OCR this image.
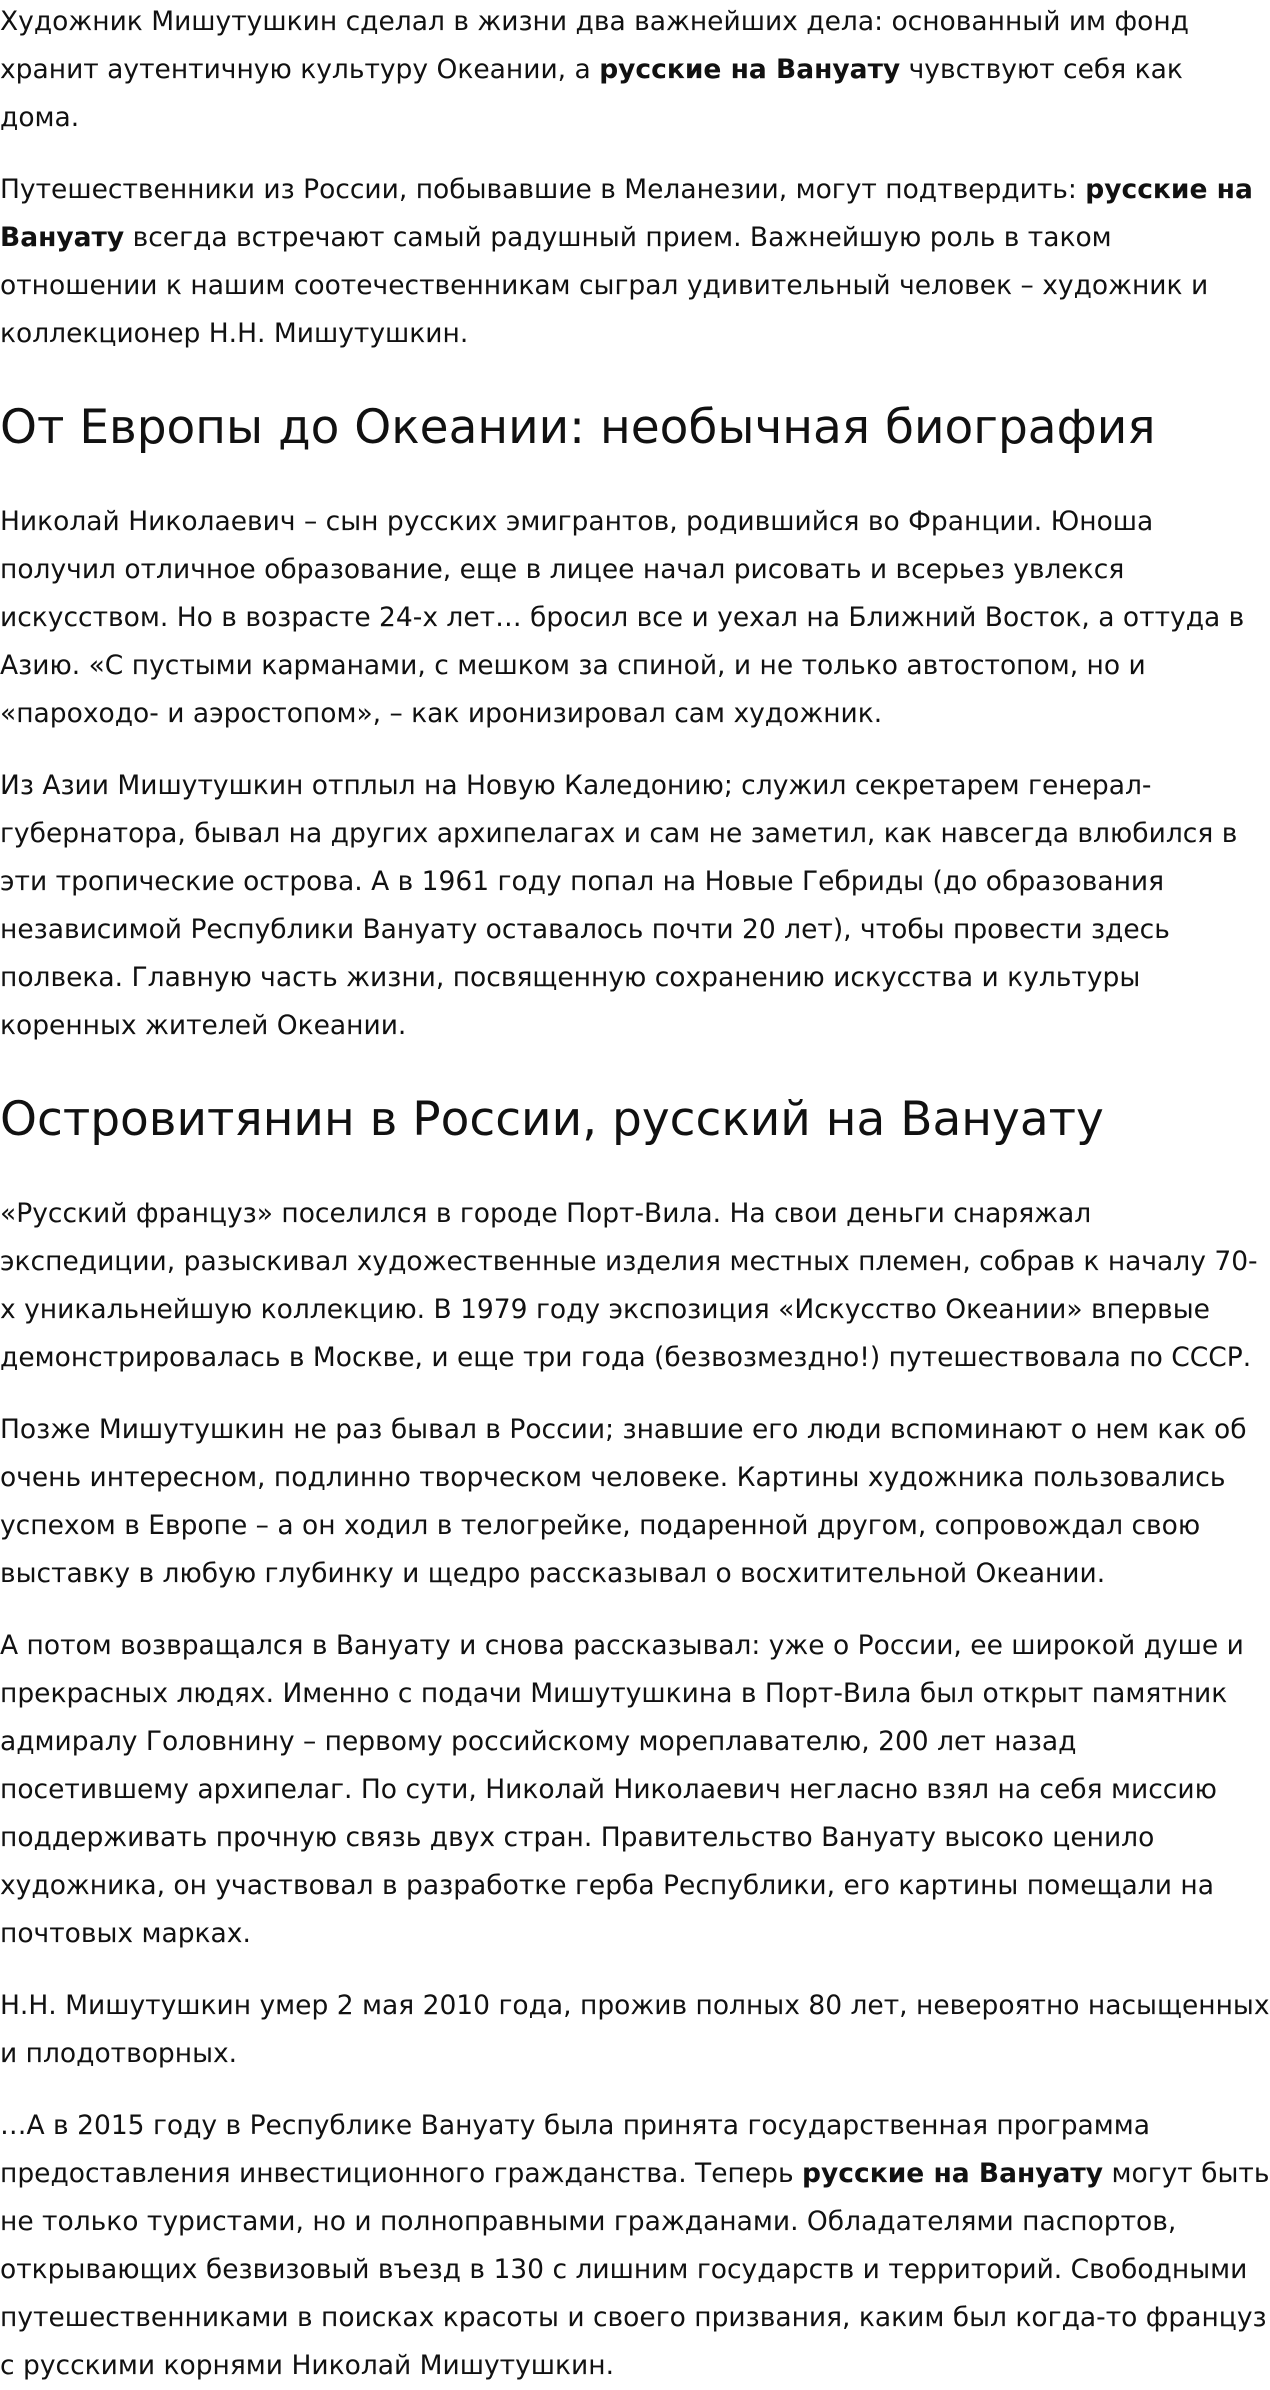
Художник Мишутушкин сделал в жизни два важнейших дела: основанный им фонд хранит аутентичную культуру Океании, а русские на Вануату чувствуют себя как дома.

Путешественники из России, побывавшие в Меланезии, могут подтвердить: русские на Вануату всегда встречают самый радушный прием. Важнейшую роль в таком отношении к нашим соотечественникам сыграл удивительный человек – художник и коллекционер Н.Н. Мишутушкин.

От Европы до Океании: необычная биография

Николай Николаевич – сын русских эмигрантов, родившийся во Франции. Юноша получил отличное образование, еще в лицее начал рисовать и всерьез увлекся искусством. Но в возрасте 24-х лет… бросил все и уехал на Ближний Восток, а оттуда в Азию. «С пустыми карманами, с мешком за спиной, и не только автостопом, но и «пароходо- и аэростопом», – как иронизировал сам художник.

Из Азии Мишутушкин отплыл на Новую Каледонию; служил секретарем генерал-губернатора, бывал на других архипелагах и сам не заметил, как навсегда влюбился в эти тропические острова. А в 1961 году попал на Новые Гебриды (до образования независимой Республики Вануату оставалось почти 20 лет), чтобы провести здесь полвека. Главную часть жизни, посвященную сохранению искусства и культуры коренных жителей Океании.

Островитянин в России, русский на Вануату

«Русский француз» поселился в городе Порт-Вила. На свои деньги снаряжал экспедиции, разыскивал художественные изделия местных племен, собрав к началу 70-х уникальнейшую коллекцию. В 1979 году экспозиция «Искусство Океании» впервые демонстрировалась в Москве, и еще три года (безвозмездно!) путешествовала по СССР.

Позже Мишутушкин не раз бывал в России; знавшие его люди вспоминают о нем как об очень интересном, подлинно творческом человеке. Картины художника пользовались успехом в Европе – а он ходил в телогрейке, подаренной другом, сопровождал свою выставку в любую глубинку и щедро рассказывал о восхитительной Океании.

А потом возвращался в Вануату и снова рассказывал: уже о России, ее широкой душе и прекрасных людях. Именно с подачи Мишутушкина в Порт-Вила был открыт памятник адмиралу Головнину – первому российскому мореплавателю, 200 лет назад посетившему архипелаг. По сути, Николай Николаевич негласно взял на себя миссию поддерживать прочную связь двух стран. Правительство Вануату высоко ценило художника, он участвовал в разработке герба Республики, его картины помещали на почтовых марках.

Н.Н. Мишутушкин умер 2 мая 2010 года, прожив полных 80 лет, невероятно насыщенных и плодотворных.

…А в 2015 году в Республике Вануату была принята государственная программа предоставления инвестиционного гражданства. Теперь русские на Вануату могут быть не только туристами, но и полноправными гражданами. Обладателями паспортов, открывающих безвизовый въезд в 130 с лишним государств и территорий. Свободными путешественниками в поисках красоты и своего призвания, каким был когда-то француз с русскими корнями Николай Мишутушкин.
